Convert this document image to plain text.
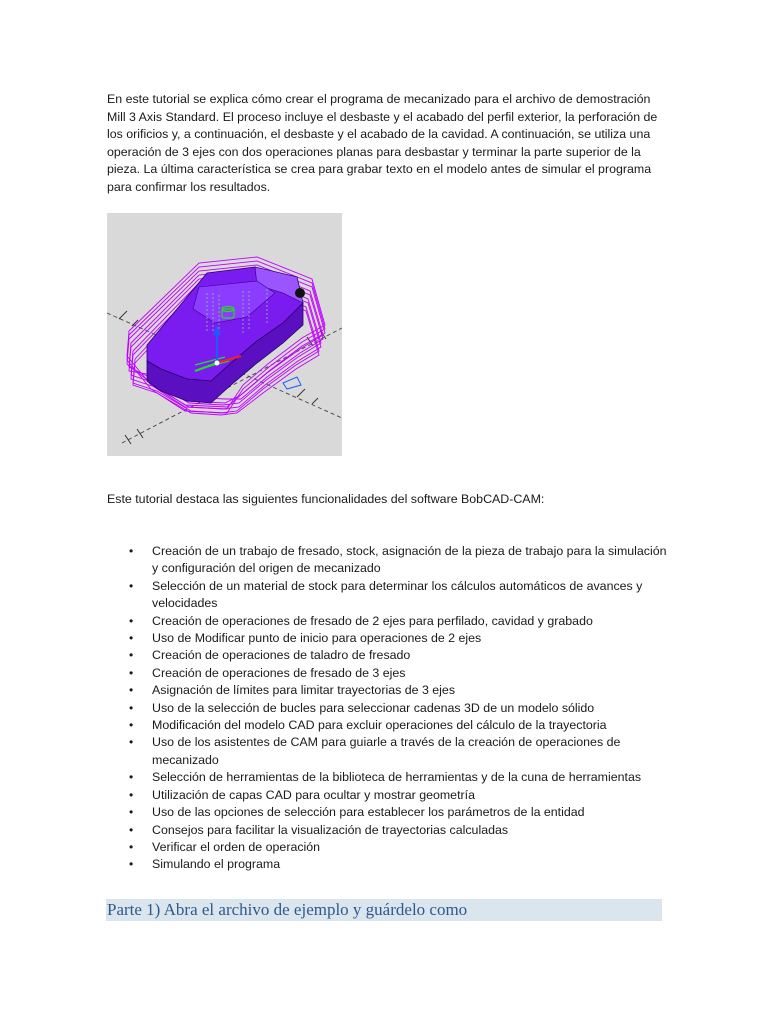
En este tutorial se explica cómo crear el programa de mecanizado para el archivo de demostración Mill 3 Axis Standard. El proceso incluye el desbaste y el acabado del perfil exterior, la perforación de los orificios y, a continuación, el desbaste y el acabado de la cavidad. A continuación, se utiliza una operación de 3 ejes con dos operaciones planas para desbastar y terminar la parte superior de la pieza. La última característica se crea para grabar texto en el modelo antes de simular el programa para confirmar los resultados.

Este tutorial destaca las siguientes funcionalidades del software BobCAD-CAM:

• Creación de un trabajo de fresado, stock, asignación de la pieza de trabajo para la simulación y configuración del origen de mecanizado
• Selección de un material de stock para determinar los cálculos automáticos de avances y velocidades
• Creación de operaciones de fresado de 2 ejes para perfilado, cavidad y grabado
• Uso de Modificar punto de inicio para operaciones de 2 ejes
• Creación de operaciones de taladro de fresado
• Creación de operaciones de fresado de 3 ejes
• Asignación de límites para limitar trayectorias de 3 ejes
• Uso de la selección de bucles para seleccionar cadenas 3D de un modelo sólido
• Modificación del modelo CAD para excluir operaciones del cálculo de la trayectoria
• Uso de los asistentes de CAM para guiarle a través de la creación de operaciones de mecanizado
• Selección de herramientas de la biblioteca de herramientas y de la cuna de herramientas
• Utilización de capas CAD para ocultar y mostrar geometría
• Uso de las opciones de selección para establecer los parámetros de la entidad
• Consejos para facilitar la visualización de trayectorias calculadas
• Verificar el orden de operación
• Simulando el programa
Parte 1) Abra el archivo de ejemplo y guárdelo como
